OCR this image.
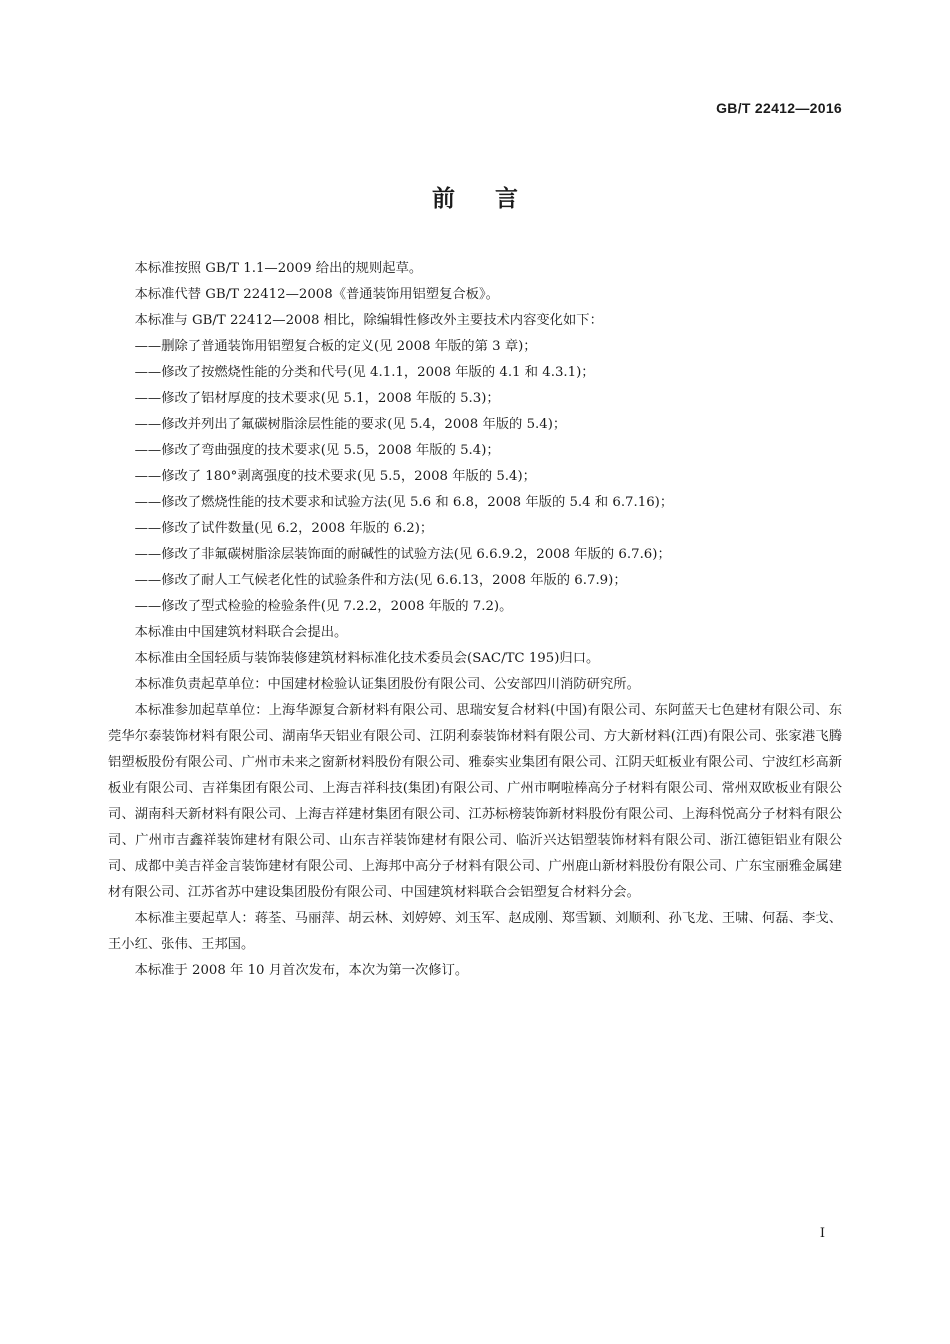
GB/T 22412—2016
前言

本标准按照 GB/T 1.1—2009 给出的规则起草。

本标准代替 GB/T 22412—2008《普通装饰用铝塑复合板》。

本标准与 GB/T 22412—2008 相比，除编辑性修改外主要技术内容变化如下：

——删除了普通装饰用铝塑复合板的定义(见 2008 年版的第 3 章)；
——修改了按燃烧性能的分类和代号(见 4.1.1，2008 年版的 4.1 和 4.3.1)；
——修改了铝材厚度的技术要求(见 5.1，2008 年版的 5.3)；
——修改并列出了氟碳树脂涂层性能的要求(见 5.4，2008 年版的 5.4)；
——修改了弯曲强度的技术要求(见 5.5，2008 年版的 5.4)；
——修改了 180°剥离强度的技术要求(见 5.5，2008 年版的 5.4)；
——修改了燃烧性能的技术要求和试验方法(见 5.6 和 6.8，2008 年版的 5.4 和 6.7.16)；
——修改了试件数量(见 6.2，2008 年版的 6.2)；
——修改了非氟碳树脂涂层装饰面的耐碱性的试验方法(见 6.6.9.2，2008 年版的 6.7.6)；
——修改了耐人工气候老化性的试验条件和方法(见 6.6.13，2008 年版的 6.7.9)；
——修改了型式检验的检验条件(见 7.2.2，2008 年版的 7.2)。

本标准由中国建筑材料联合会提出。

本标准由全国轻质与装饰装修建筑材料标准化技术委员会(SAC/TC 195)归口。

本标准负责起草单位：中国建材检验认证集团股份有限公司、公安部四川消防研究所。

本标准参加起草单位：上海华源复合新材料有限公司、思瑞安复合材料(中国)有限公司、东阿蓝天七色建材有限公司、东莞华尔泰装饰材料有限公司、湖南华天铝业有限公司、江阴利泰装饰材料有限公司、方大新材料(江西)有限公司、张家港飞腾铝塑板股份有限公司、广州市未来之窗新材料股份有限公司、雅泰实业集团有限公司、江阴天虹板业有限公司、宁波红杉高新板业有限公司、吉祥集团有限公司、上海吉祥科技(集团)有限公司、广州市啊啦棒高分子材料有限公司、常州双欧板业有限公司、湖南科天新材料有限公司、上海吉祥建材集团有限公司、江苏标榜装饰新材料股份有限公司、上海科悦高分子材料有限公司、广州市吉鑫祥装饰建材有限公司、山东吉祥装饰建材有限公司、临沂兴达铝塑装饰材料有限公司、浙江德钜铝业有限公司、成都中美吉祥金言装饰建材有限公司、上海邦中高分子材料有限公司、广州鹿山新材料股份有限公司、广东宝丽雅金属建材有限公司、江苏省苏中建设集团股份有限公司、中国建筑材料联合会铝塑复合材料分会。

本标准主要起草人：蒋荃、马丽萍、胡云林、刘婷婷、刘玉军、赵成刚、郑雪颖、刘顺利、孙飞龙、王啸、何磊、李戈、王小红、张伟、王邦国。

本标准于 2008 年 10 月首次发布，本次为第一次修订。

I
